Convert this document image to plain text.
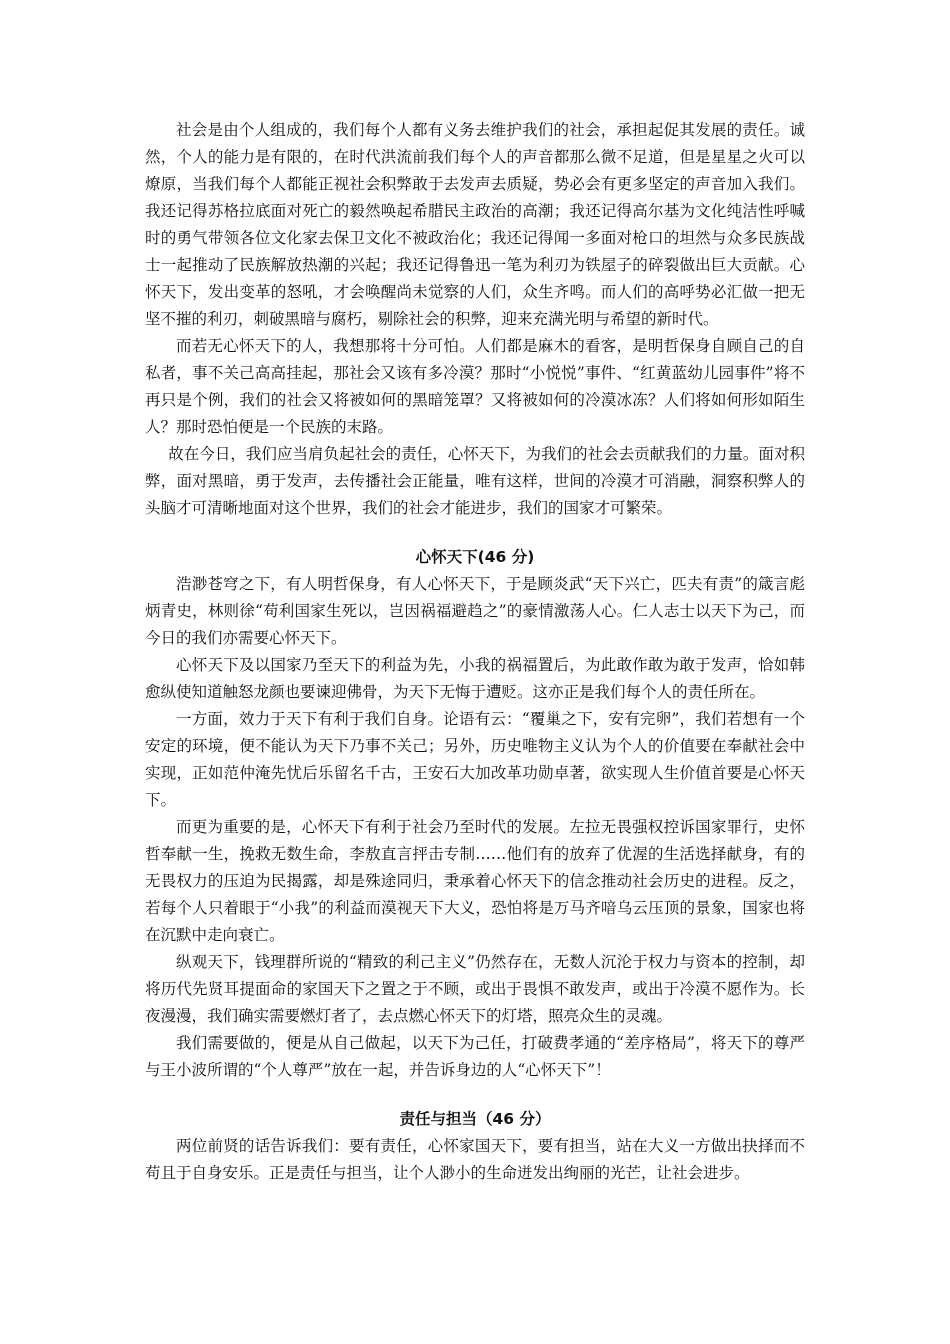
社会是由个人组成的，我们每个人都有义务去维护我们的社会，承担起促其发展的责任。诚然，个人的能力是有限的，在时代洪流前我们每个人的声音都那么微不足道，但是星星之火可以燎原，当我们每个人都能正视社会积弊敢于去发声去质疑，势必会有更多坚定的声音加入我们。我还记得苏格拉底面对死亡的毅然唤起希腊民主政治的高潮；我还记得高尔基为文化纯洁性呼喊时的勇气带领各位文化家去保卫文化不被政治化；我还记得闻一多面对枪口的坦然与众多民族战士一起推动了民族解放热潮的兴起；我还记得鲁迅一笔为利刃为铁屋子的碎裂做出巨大贡献。心怀天下，发出变革的怒吼，才会唤醒尚未觉察的人们，众生齐鸣。而人们的高呼势必汇做一把无坚不摧的利刃，刺破黑暗与腐朽，剔除社会的积弊，迎来充满光明与希望的新时代。

而若无心怀天下的人，我想那将十分可怕。人们都是麻木的看客，是明哲保身自顾自己的自私者，事不关己高高挂起，那社会又该有多冷漠？那时“小悦悦”事件、“红黄蓝幼儿园事件”将不再只是个例，我们的社会又将被如何的黑暗笼罩？又将被如何的冷漠冰冻？人们将如何形如陌生人？那时恐怕便是一个民族的末路。

故在今日，我们应当肩负起社会的责任，心怀天下，为我们的社会去贡献我们的力量。面对积弊，面对黑暗，勇于发声，去传播社会正能量，唯有这样，世间的冷漠才可消融，洞察积弊人的头脑才可清晰地面对这个世界，我们的社会才能进步，我们的国家才可繁荣。

心怀天下(46 分)

浩渺苍穹之下，有人明哲保身，有人心怀天下，于是顾炎武“天下兴亡，匹夫有责”的箴言彪炳青史，林则徐“苟利国家生死以，岂因祸福避趋之”的豪情激荡人心。仁人志士以天下为己，而今日的我们亦需要心怀天下。

心怀天下及以国家乃至天下的利益为先，小我的祸福置后，为此敢作敢为敢于发声，恰如韩愈纵使知道触怒龙颜也要谏迎佛骨，为天下无悔于遭贬。这亦正是我们每个人的责任所在。

一方面，效力于天下有利于我们自身。论语有云：“覆巢之下，安有完卵”，我们若想有一个安定的环境，便不能认为天下乃事不关己；另外，历史唯物主义认为个人的价值要在奉献社会中实现，正如范仲淹先忧后乐留名千古，王安石大加改革功勋卓著，欲实现人生价值首要是心怀天下。

而更为重要的是，心怀天下有利于社会乃至时代的发展。左拉无畏强权控诉国家罪行，史怀哲奉献一生，挽救无数生命，李敖直言抨击专制……他们有的放弃了优渥的生活选择献身，有的无畏权力的压迫为民揭露，却是殊途同归，秉承着心怀天下的信念推动社会历史的进程。反之，若每个人只着眼于“小我”的利益而漠视天下大义，恐怕将是万马齐喑乌云压顶的景象，国家也将在沉默中走向衰亡。

纵观天下，钱理群所说的“精致的利己主义”仍然存在，无数人沉沦于权力与资本的控制，却将历代先贤耳提面命的家国天下之置之于不顾，或出于畏惧不敢发声，或出于冷漠不愿作为。长夜漫漫，我们确实需要燃灯者了，去点燃心怀天下的灯塔，照亮众生的灵魂。

我们需要做的，便是从自己做起，以天下为己任，打破费孝通的“差序格局”，将天下的尊严与王小波所谓的“个人尊严”放在一起，并告诉身边的人“心怀天下”！

责任与担当（46 分）

两位前贤的话告诉我们：要有责任，心怀家国天下，要有担当，站在大义一方做出抉择而不苟且于自身安乐。正是责任与担当，让个人渺小的生命迸发出绚丽的光芒，让社会进步。
